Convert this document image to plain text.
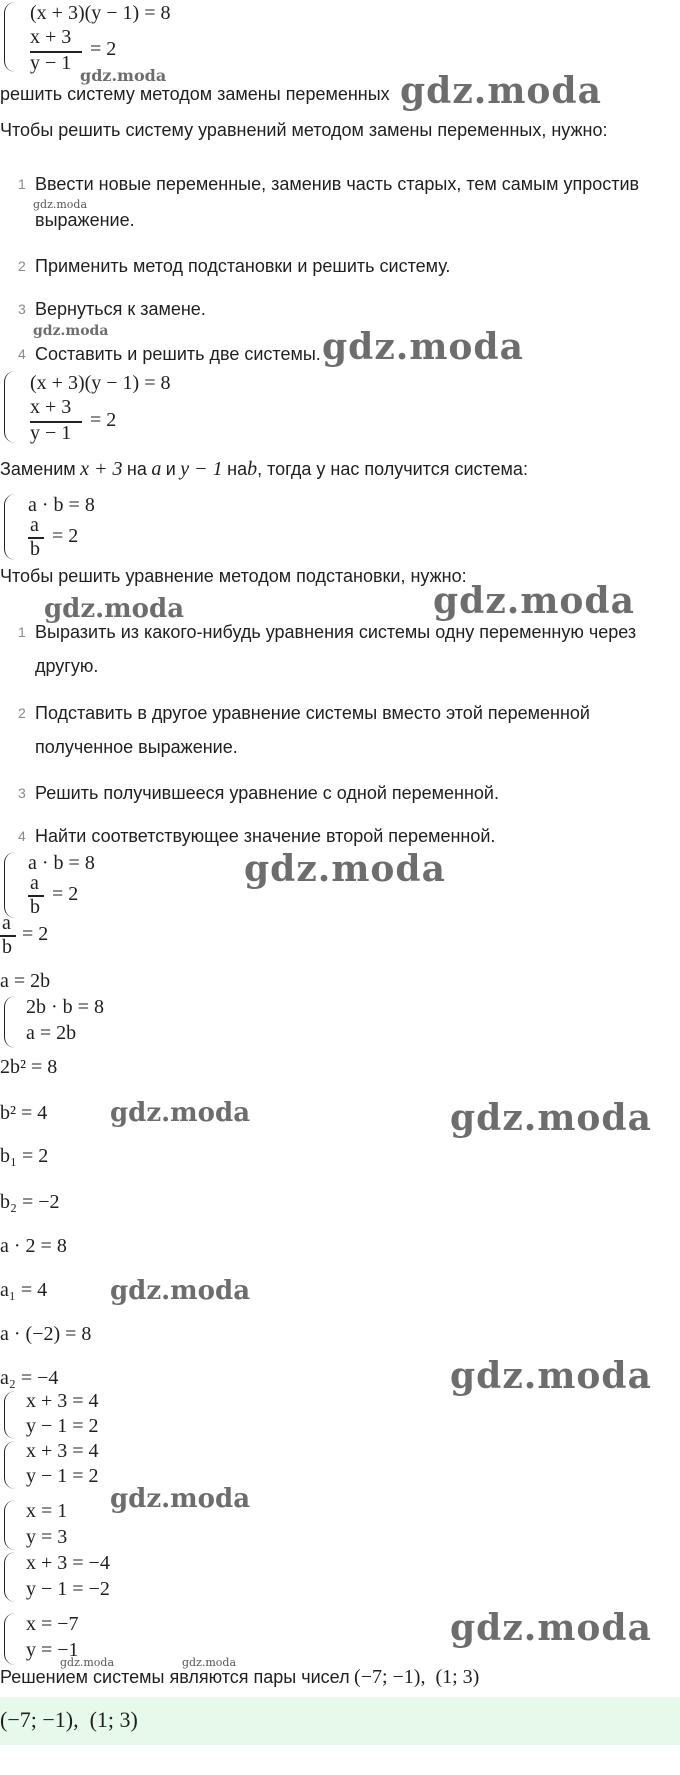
(x + 3)(y − 1) = 8
x + 3
y − 1
= 2
gdz.moda
решить систему методом замены переменных gdz.moda
Чтобы решить систему уравнений методом замены переменных, нужно:
1 Ввести новые переменные, заменив часть старых, тем самым упростив
gdz.moda
выражение.
2 Применить метод подстановки и решить систему.
3 Вернуться к замене.
gdz.moda
4 Составить и решить две системы. gdz.moda
(x + 3)(y − 1) = 8
x + 3
y − 1
= 2
Заменим x + 3 на a и y − 1 наb, тогда у нас получится система:
a · b = 8
a
b
= 2
Чтобы решить уравнение методом подстановки, нужно:
gdz.moda	gdz.moda
1 Выразить из какого-нибудь уравнения системы одну переменную через
другую.
2 Подставить в другое уравнение системы вместо этой переменной
полученное выражение.
3 Решить получившееся уравнение с одной переменной.
4 Найти соответствующее значение второй переменной.
a · b = 8
a
b
= 2
gdz.moda
a
b
= 2
a = 2b
2b · b = 8
a = 2b
2b² = 8
b² = 4 gdz.moda	gdz.moda
b₁ = 2
b₂ = −2
a · 2 = 8
a₁ = 4 gdz.moda
a · (−2) = 8
a₂ = −4	gdz.moda
x + 3 = 4
y − 1 = 2
x + 3 = 4
y − 1 = 2
gdz.moda
x = 1
y = 3
x + 3 = −4
y − 1 = −2
x = −7
y = −1
gdz.moda
gdz.moda	gdz.moda
Решением системы являются пары чисел (−7; −1),  (1; 3)
(−7; −1),  (1; 3)
